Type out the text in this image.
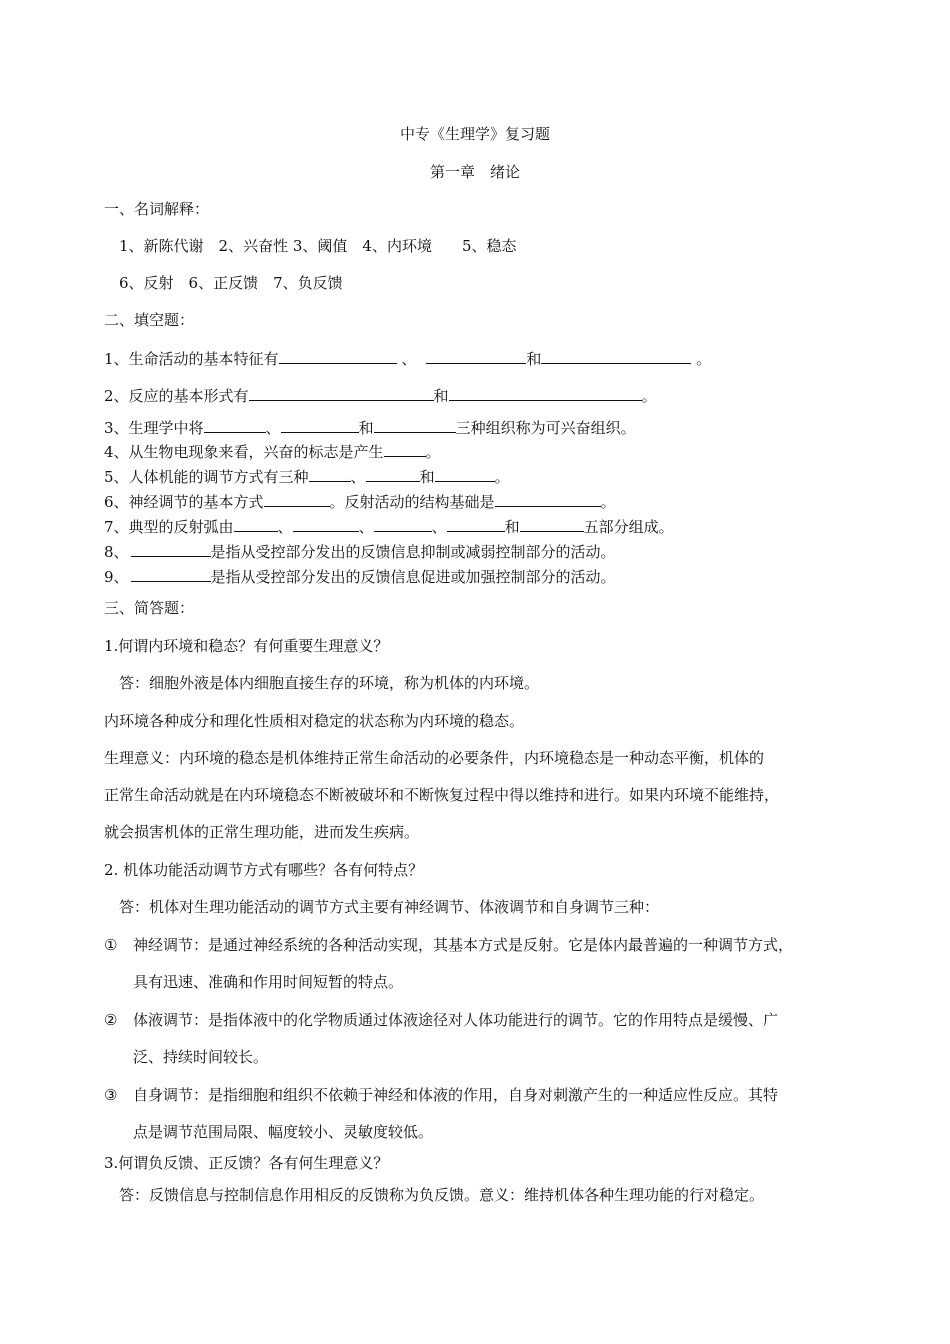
中专《生理学》复习题
第一章　绪论
一、名词解释：
1、新陈代谢　2、兴奋性 3、阈值　4、内环境　　5、稳态
6、反射　6、正反馈　7、负反馈
二、填空题：
1、生命活动的基本特征有	、	和	。
2、反应的基本形式有	和	。
3、生理学中将	、	和	三种组织称为可兴奋组织。
4、从生物电现象来看，兴奋的标志是产生	。
5、人体机能的调节方式有三种	、	和	。
6、神经调节的基本方式	。反射活动的结构基础是	。
7、典型的反射弧由	、	、	、	和	五部分组成。
8、	是指从受控部分发出的反馈信息抑制或减弱控制部分的活动。
9、	是指从受控部分发出的反馈信息促进或加强控制部分的活动。
三、简答题：
1.何谓内环境和稳态？有何重要生理意义？
答：细胞外液是体内细胞直接生存的环境，称为机体的内环境。
内环境各种成分和理化性质相对稳定的状态称为内环境的稳态。
生理意义：内环境的稳态是机体维持正常生命活动的必要条件，内环境稳态是一种动态平衡，机体的
正常生命活动就是在内环境稳态不断被破坏和不断恢复过程中得以维持和进行。如果内环境不能维持，
就会损害机体的正常生理功能，进而发生疾病。
2. 机体功能活动调节方式有哪些？各有何特点？
答：机体对生理功能活动的调节方式主要有神经调节、体液调节和自身调节三种：
①	神经调节：是通过神经系统的各种活动实现，其基本方式是反射。它是体内最普遍的一种调节方式，
具有迅速、准确和作用时间短暂的特点。
②	体液调节：是指体液中的化学物质通过体液途径对人体功能进行的调节。它的作用特点是缓慢、广
泛、持续时间较长。
③	自身调节：是指细胞和组织不依赖于神经和体液的作用，自身对刺激产生的一种适应性反应。其特
点是调节范围局限、幅度较小、灵敏度较低。
3.何谓负反馈、正反馈？各有何生理意义？
答：反馈信息与控制信息作用相反的反馈称为负反馈。意义：维持机体各种生理功能的行对稳定。
